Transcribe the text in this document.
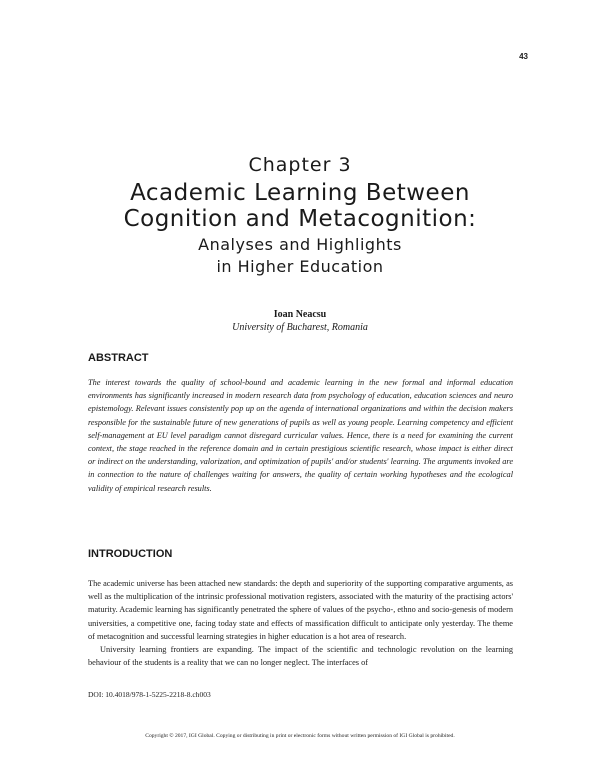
43
Chapter 3
Academic Learning Between
Cognition and Metacognition:
Analyses and Highlights
in Higher Education
Ioan Neacsu
University of Bucharest, Romania
ABSTRACT

The interest towards the quality of school-bound and academic learning in the new formal and informal education environments has significantly increased in modern research data from psychology of education, education sciences and neuro epistemology. Relevant issues consistently pop up on the agenda of international organizations and within the decision makers responsible for the sustainable future of new generations of pupils as well as young people. Learning competency and efficient self-management at EU level paradigm cannot disregard curricular values. Hence, there is a need for examining the current context, the stage reached in the reference domain and in certain prestigious scientific research, whose impact is either direct or indirect on the understanding, valorization, and optimization of pupils' and/or students' learning. The arguments invoked are in connection to the nature of challenges waiting for answers, the quality of certain working hypotheses and the ecological validity of empirical research results.

INTRODUCTION

The academic universe has been attached new standards: the depth and superiority of the supporting comparative arguments, as well as the multiplication of the intrinsic professional motivation registers, associated with the maturity of the practising actors' maturity. Academic learning has significantly penetrated the sphere of values of the psycho-, ethno and socio-genesis of modern universities, a competitive one, facing today state and effects of massification difficult to anticipate only yesterday. The theme of metacognition and successful learning strategies in higher education is a hot area of research.

University learning frontiers are expanding. The impact of the scientific and technologic revolution on the learning behaviour of the students is a reality that we can no longer neglect. The interfaces of

DOI: 10.4018/978-1-5225-2218-8.ch003
Copyright © 2017, IGI Global. Copying or distributing in print or electronic forms without written permission of IGI Global is prohibited.
